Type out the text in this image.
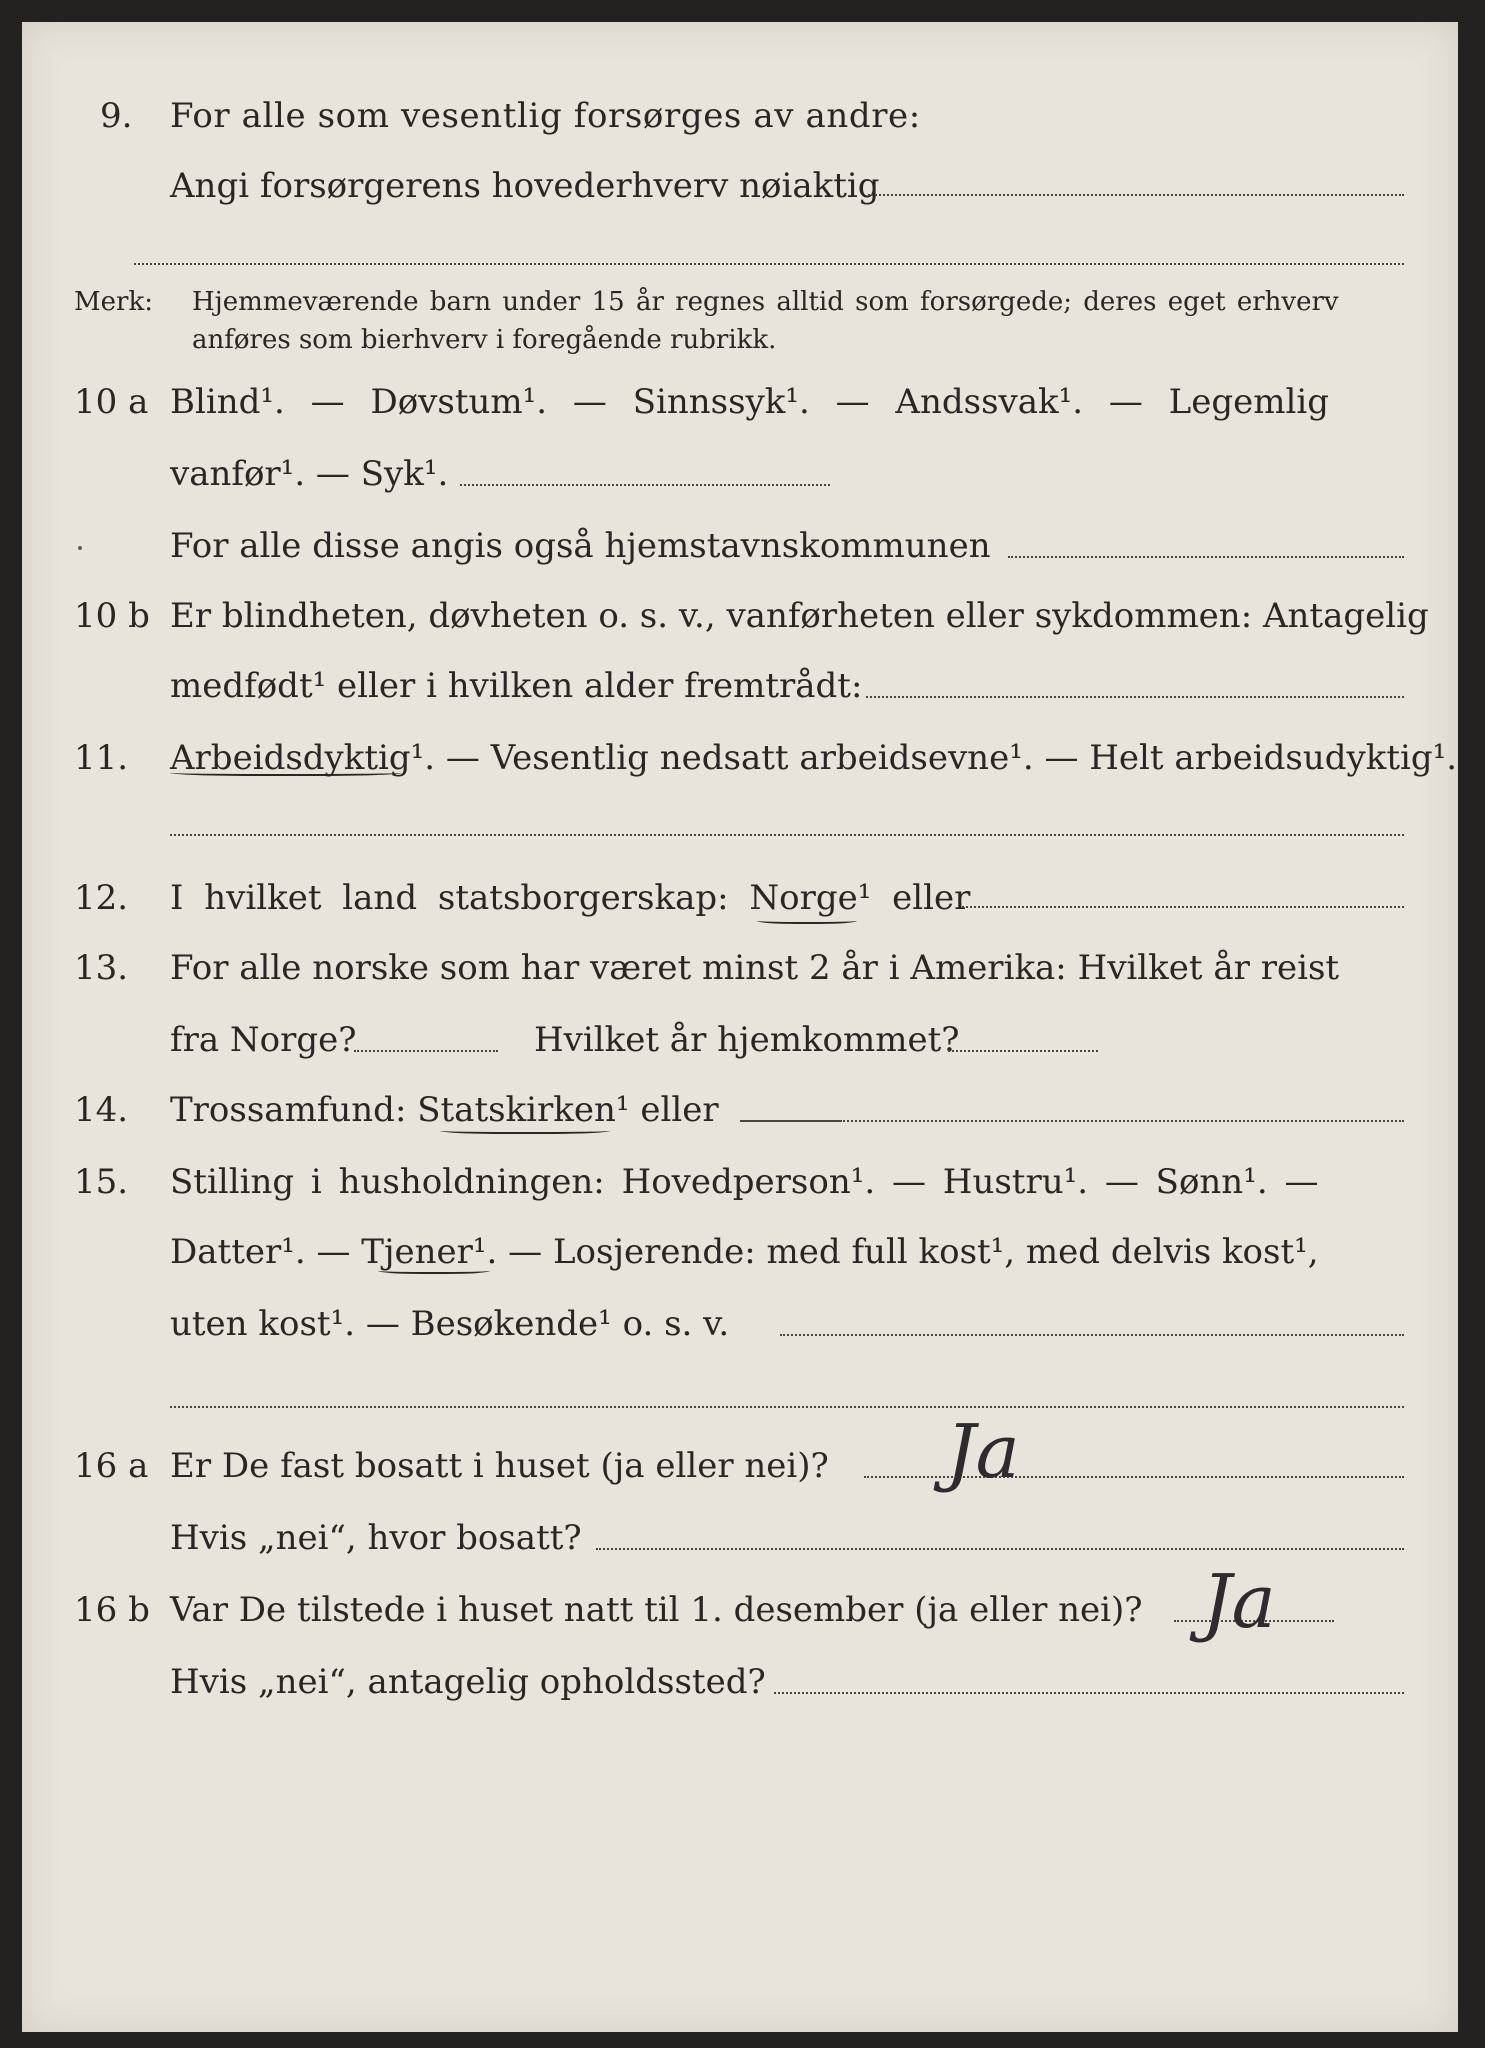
9. For alle som vesentlig forsørges av andre:
Angi forsørgerens hovederhverv nøiaktig
Merk: Hjemmeværende barn under 15 år regnes alltid som forsørgede; deres eget erhverv
anføres som bierhverv i foregående rubrikk.
10 a Blind¹. — Døvstum¹. — Sinnssyk¹. — Andssvak¹. — Legemlig
vanfør¹. — Syk¹.
For alle disse angis også hjemstavnskommunen
10 b Er blindheten, døvheten o. s. v., vanførheten eller sykdommen: Antagelig
medfødt¹ eller i hvilken alder fremtrådt:
11. Arbeidsdyktig¹. — Vesentlig nedsatt arbeidsevne¹. — Helt arbeidsudyktig¹.
12. I hvilket land statsborgerskap: Norge¹ eller
13. For alle norske som har været minst 2 år i Amerika: Hvilket år reist
fra Norge?	Hvilket år hjemkommet?
14. Trossamfund: Statskirken¹ eller
15. Stilling i husholdningen: Hovedperson¹. — Hustru¹. — Sønn¹. —
Datter¹. — Tjener¹. — Losjerende: med full kost¹, med delvis kost¹,
uten kost¹. — Besøkende¹ o. s. v.
16 a Er De fast bosatt i huset (ja eller nei)? Ja
Hvis „nei“, hvor bosatt?
16 b Var De tilstede i huset natt til 1. desember (ja eller nei)? Ja
Hvis „nei“, antagelig opholdssted?
